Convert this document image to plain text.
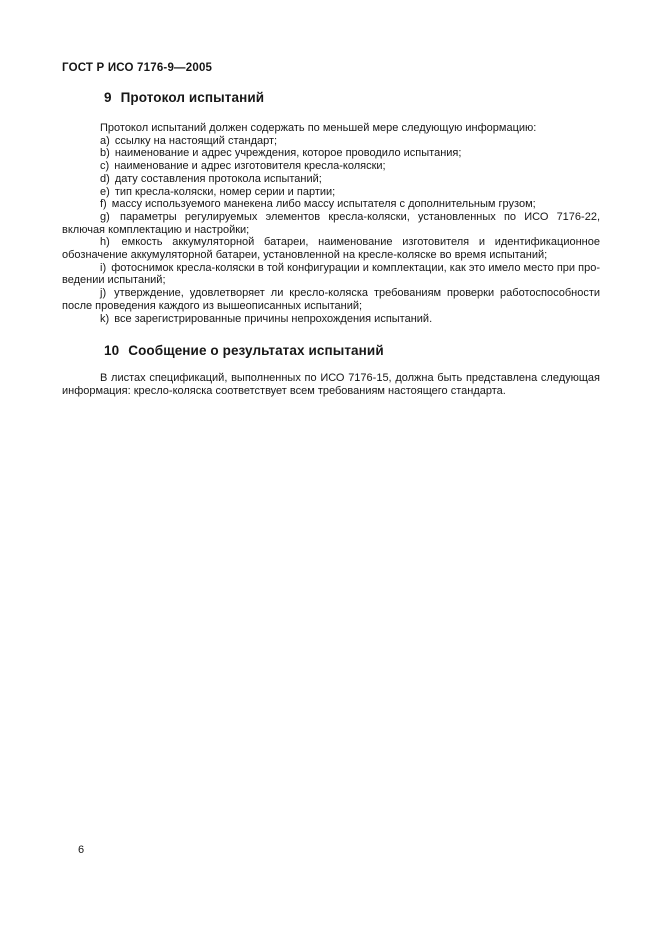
ГОСТ Р ИСО 7176-9—2005
9 Протокол испытаний

Протокол испытаний должен содержать по меньшей мере следующую информацию:

a) ссылку на настоящий стандарт;

b) наименование и адрес учреждения, которое проводило испытания;

c) наименование и адрес изготовителя кресла-коляски;

d) дату составления протокола испытаний;

e) тип кресла-коляски, номер серии и партии;

f) массу используемого манекена либо массу испытателя с дополнительным грузом;

g) параметры регулируемых элементов кресла-коляски, установленных по ИСО 7176-22, включая комплектацию и настройки;

h) емкость аккумуляторной батареи, наименование изготовителя и идентификационное обозначение аккумуляторной батареи, установленной на кресле-коляске во время испытаний;

i) фотоснимок кресла-коляски в той конфигурации и комплектации, как это имело место при проведении испытаний;

j) утверждение, удовлетворяет ли кресло-коляска требованиям проверки работоспособности после проведения каждого из вышеописанных испытаний;

k) все зарегистрированные причины непрохождения испытаний.

10 Сообщение о результатах испытаний

В листах спецификаций, выполненных по ИСО 7176-15, должна быть представлена следующая информация: кресло-коляска соответствует всем требованиям настоящего стандарта.

6
